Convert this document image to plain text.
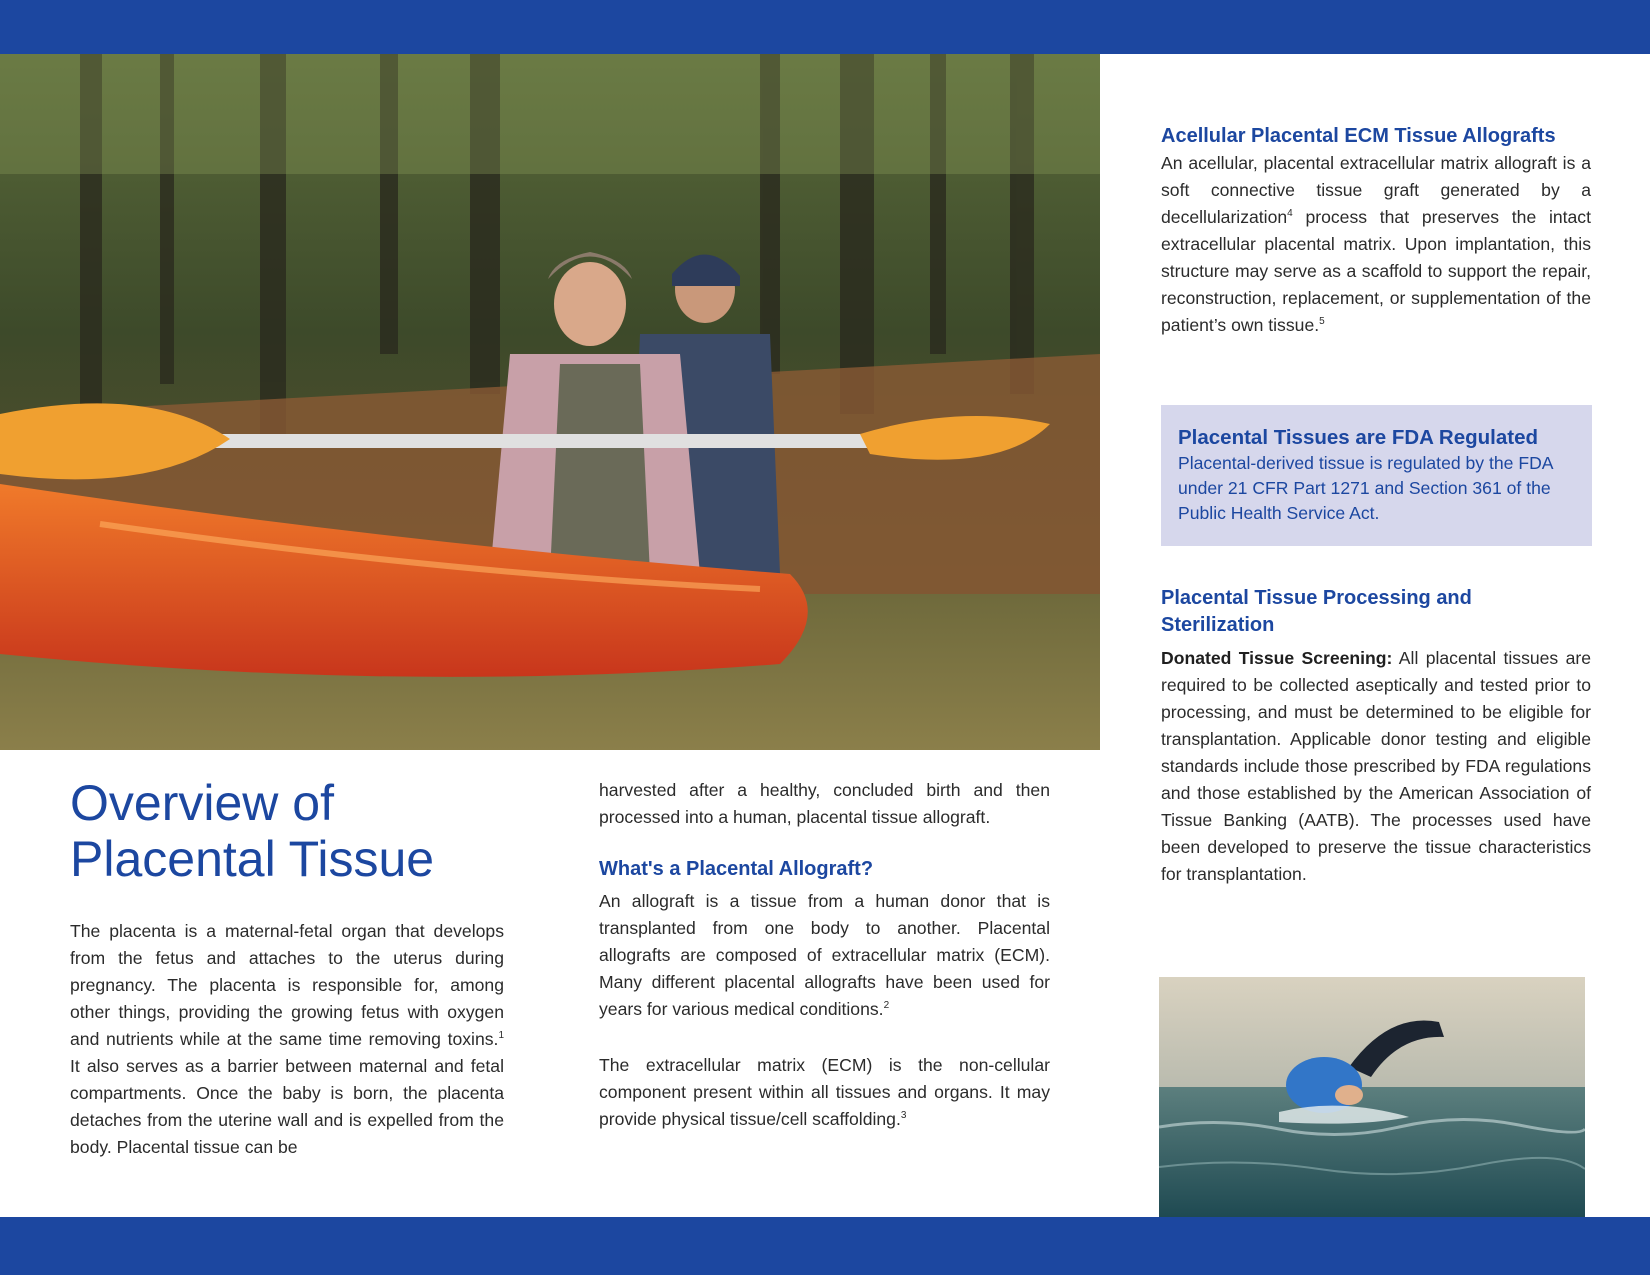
Overview of
Placental Tissue

The placenta is a maternal-fetal organ that develops from the fetus and attaches to the uterus during pregnancy. The placenta is responsible for, among other things, providing the growing fetus with oxygen and nutrients while at the same time removing toxins.$^1$ It also serves as a barrier between maternal and fetal compartments. Once the baby is born, the placenta detaches from the uterine wall and is expelled from the body. Placental tissue can be

harvested after a healthy, concluded birth and then processed into a human, placental tissue allograft.

What's a Placental Allograft?

An allograft is a tissue from a human donor that is transplanted from one body to another. Placental allografts are composed of extracellular matrix (ECM). Many different placental allografts have been used for years for various medical conditions.$^2$

The extracellular matrix (ECM) is the non-cellular component present within all tissues and organs. It may provide physical tissue/cell scaffolding.$^3$

Acellular Placental ECM Tissue Allografts

An acellular, placental extracellular matrix allograft is a soft connective tissue graft generated by a decellularization$^4$ process that preserves the intact extracellular placental matrix. Upon implantation, this structure may serve as a scaffold to support the repair, reconstruction, replacement, or supplementation of the patient’s own tissue.$^5$

Placental Tissues are FDA Regulated

Placental-derived tissue is regulated by the FDA under 21 CFR Part 1271 and Section 361 of the Public Health Service Act.

Placental Tissue Processing and
Sterilization

Donated Tissue Screening: All placental tissues are required to be collected aseptically and tested prior to processing, and must be determined to be eligible for transplantation. Applicable donor testing and eligible standards include those prescribed by FDA regulations and those established by the American Association of Tissue Banking (AATB). The processes used have been developed to preserve the tissue characteristics for transplantation.
